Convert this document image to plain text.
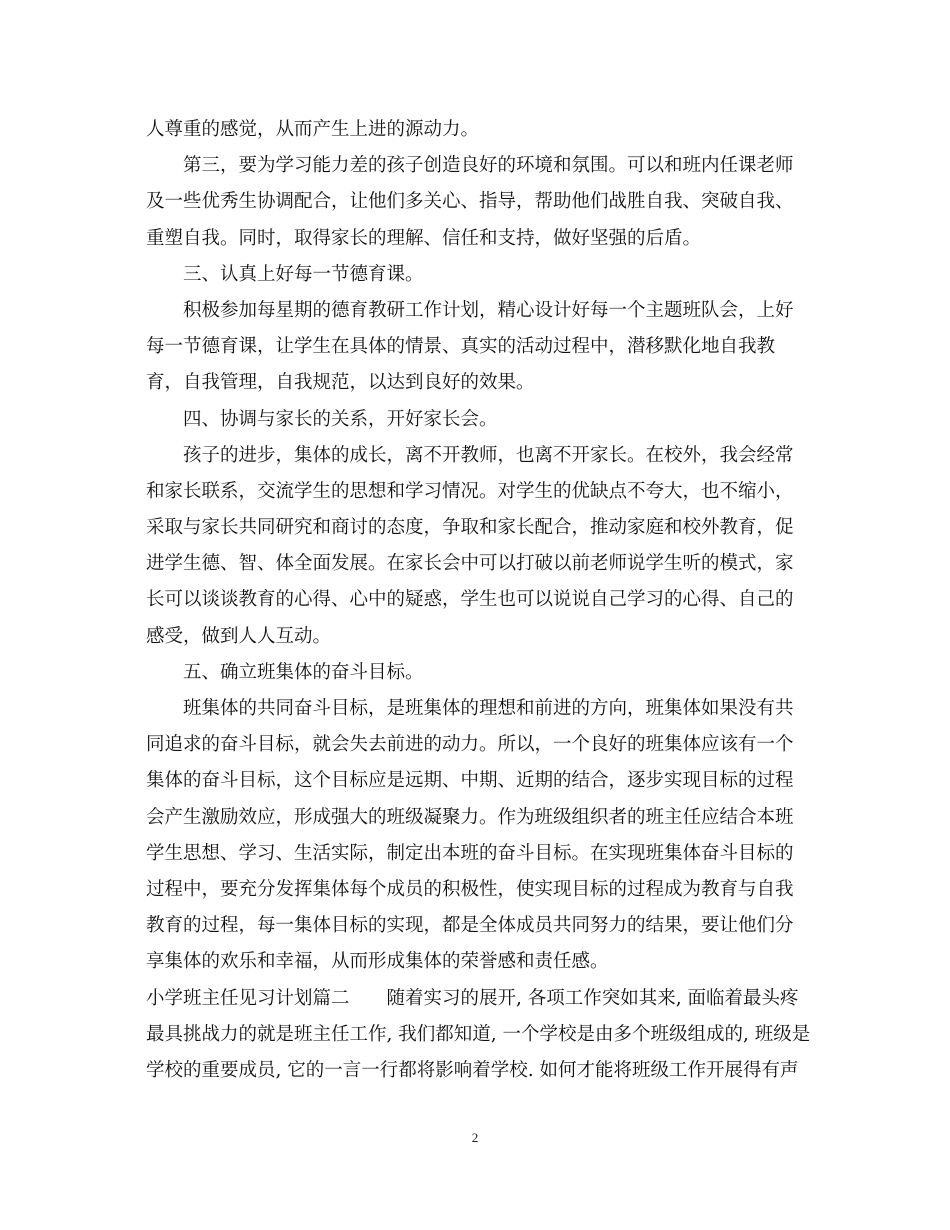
人尊重的感觉，从而产生上进的源动力。
第三，要为学习能力差的孩子创造良好的环境和氛围。可以和班内任课老师
及一些优秀生协调配合，让他们多关心、指导，帮助他们战胜自我、突破自我、
重塑自我。同时，取得家长的理解、信任和支持，做好坚强的后盾。
三、认真上好每一节德育课。
积极参加每星期的德育教研工作计划，精心设计好每一个主题班队会，上好
每一节德育课，让学生在具体的情景、真实的活动过程中，潜移默化地自我教
育，自我管理，自我规范，以达到良好的效果。
四、协调与家长的关系，开好家长会。
孩子的进步，集体的成长，离不开教师，也离不开家长。在校外，我会经常
和家长联系，交流学生的思想和学习情况。对学生的优缺点不夸大，也不缩小，
采取与家长共同研究和商讨的态度，争取和家长配合，推动家庭和校外教育，促
进学生德、智、体全面发展。在家长会中可以打破以前老师说学生听的模式，家
长可以谈谈教育的心得、心中的疑惑，学生也可以说说自己学习的心得、自己的
感受，做到人人互动。
五、确立班集体的奋斗目标。
班集体的共同奋斗目标，是班集体的理想和前进的方向，班集体如果没有共
同追求的奋斗目标，就会失去前进的动力。所以，一个良好的班集体应该有一个
集体的奋斗目标，这个目标应是远期、中期、近期的结合，逐步实现目标的过程
会产生激励效应，形成强大的班级凝聚力。作为班级组织者的班主任应结合本班
学生思想、学习、生活实际，制定出本班的奋斗目标。在实现班集体奋斗目标的
过程中，要充分发挥集体每个成员的积极性，使实现目标的过程成为教育与自我
教育的过程，每一集体目标的实现，都是全体成员共同努力的结果，要让他们分
享集体的欢乐和幸福，从而形成集体的荣誉感和责任感。
小学班主任见习计划篇二　　随着实习的展开, 各项工作突如其来, 面临着最头疼
最具挑战力的就是班主任工作, 我们都知道, 一个学校是由多个班级组成的, 班级是
学校的重要成员, 它的一言一行都将影响着学校. 如何才能将班级工作开展得有声
2
